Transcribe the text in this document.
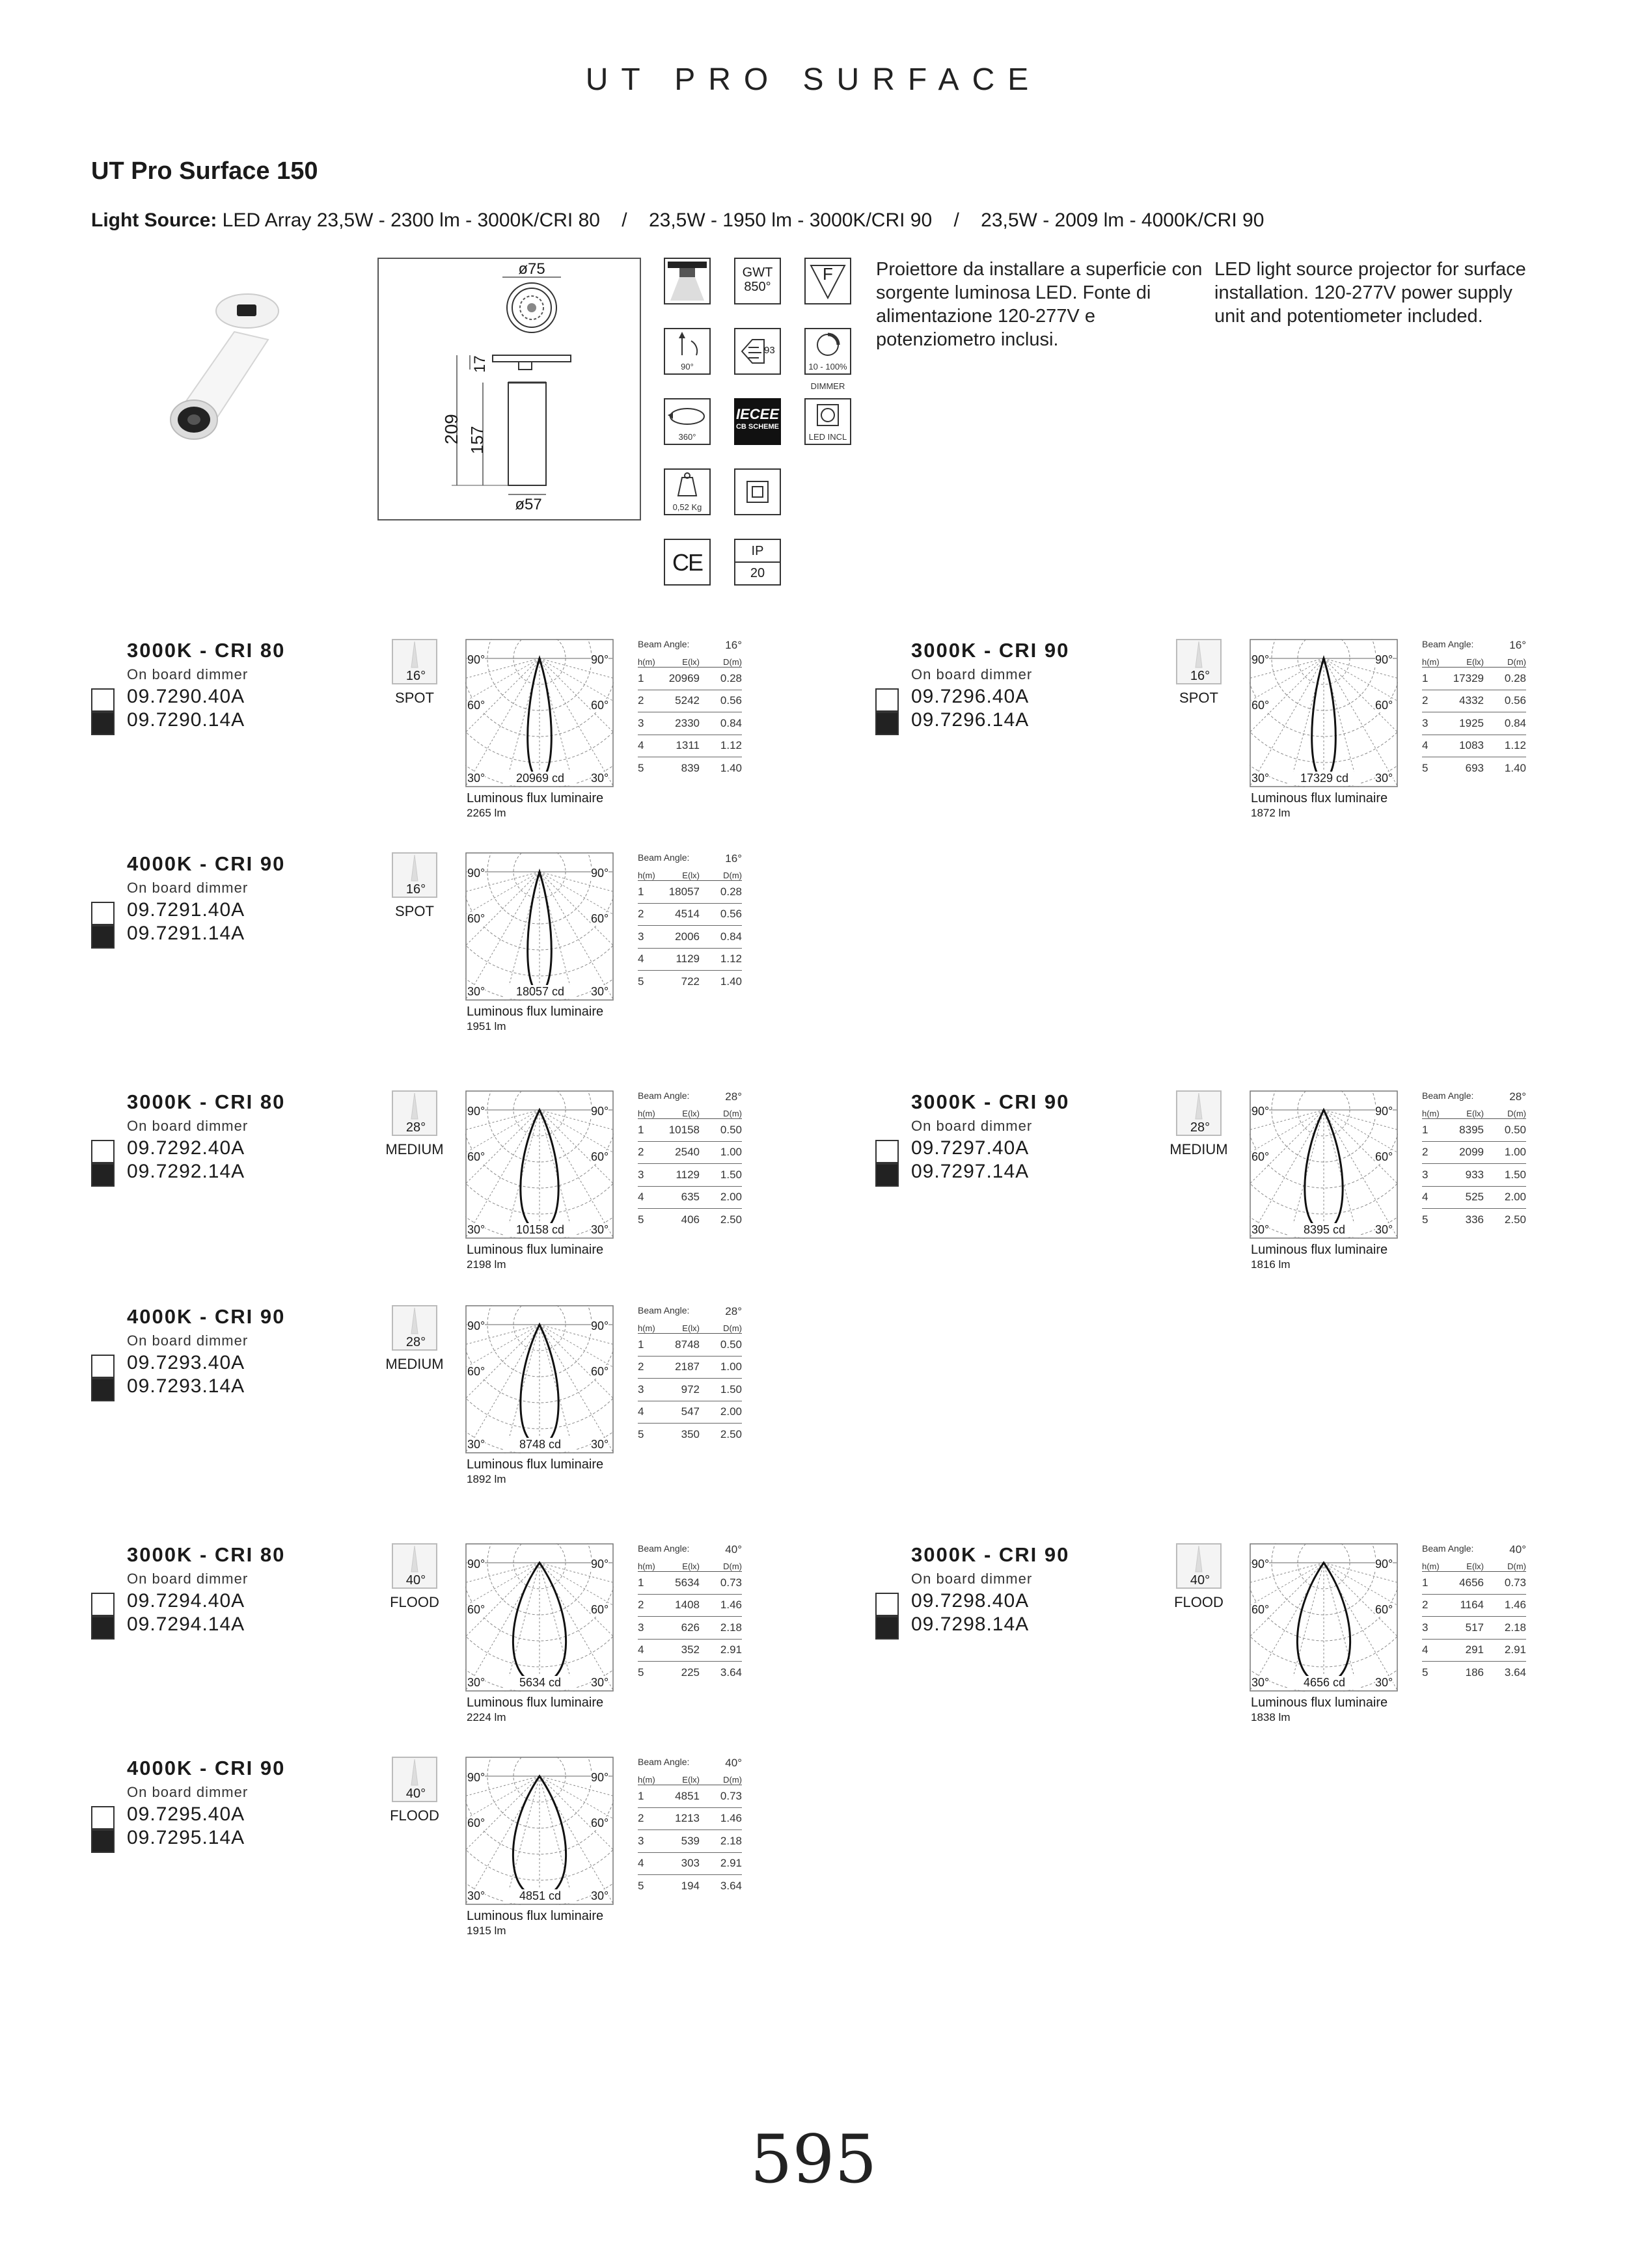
UT PRO SURFACE
UT Pro Surface 150
Light Source: LED Array 23,5W - 2300 lm - 3000K/CRI 80    /    23,5W - 1950 lm - 3000K/CRI 90    /    23,5W - 2009 lm - 4000K/CRI 90
ø75
17
209 157
ø57
GWT
850°
F
90°
93
10 - 100%
DIMMER
360°
IECEE
CB SCHEME
LED INCL
0,52 Kg
CE	IP
20
Proiettore da installare a superficie con sorgente luminosa LED. Fonte di alimentazione 120-277V e potenziometro inclusi.
LED light source projector for surface installation. 120-277V power supply unit and potentiometer included.
3000K - CRI 80
On board dimmer
09.7290.40A
09.7290.14A
16°
SPOT
90°	90°
60°	60°
30°	30°
20969 cd
Luminous flux luminaire
2265 lm
Beam Angle:	16°
h(m)	E(lx)	D(m)
1	20969	0.28
2	5242	0.56
3	2330	0.84
4	1311	1.12
5	839	1.40
3000K - CRI 90
On board dimmer
09.7296.40A
09.7296.14A
16°
SPOT
90°	90°
60°	60°
30°	30°
17329 cd
Luminous flux luminaire
1872 lm
Beam Angle:	16°
h(m)	E(lx)	D(m)
1	17329	0.28
2	4332	0.56
3	1925	0.84
4	1083	1.12
5	693	1.40
4000K - CRI 90
On board dimmer
09.7291.40A
09.7291.14A
16°
SPOT
90°	90°
60°	60°
30°	30°
18057 cd
Luminous flux luminaire
1951 lm
Beam Angle:	16°
h(m)	E(lx)	D(m)
1	18057	0.28
2	4514	0.56
3	2006	0.84
4	1129	1.12
5	722	1.40
3000K - CRI 80
On board dimmer
09.7292.40A
09.7292.14A
28°
MEDIUM
90°	90°
60°	60°
30°	30°
10158 cd
Luminous flux luminaire
2198 lm
Beam Angle:	28°
h(m)	E(lx)	D(m)
1	10158	0.50
2	2540	1.00
3	1129	1.50
4	635	2.00
5	406	2.50
3000K - CRI 90
On board dimmer
09.7297.40A
09.7297.14A
28°
MEDIUM
90°	90°
60°	60°
30°	30°
8395 cd
Luminous flux luminaire
1816 lm
Beam Angle:	28°
h(m)	E(lx)	D(m)
1	8395	0.50
2	2099	1.00
3	933	1.50
4	525	2.00
5	336	2.50
4000K - CRI 90
On board dimmer
09.7293.40A
09.7293.14A
28°
MEDIUM
90°	90°
60°	60°
30°	30°
8748 cd
Luminous flux luminaire
1892 lm
Beam Angle:	28°
h(m)	E(lx)	D(m)
1	8748	0.50
2	2187	1.00
3	972	1.50
4	547	2.00
5	350	2.50
3000K - CRI 80
On board dimmer
09.7294.40A
09.7294.14A
40°
FLOOD
90°	90°
60°	60°
30°	30°
5634 cd
Luminous flux luminaire
2224 lm
Beam Angle:	40°
h(m)	E(lx)	D(m)
1	5634	0.73
2	1408	1.46
3	626	2.18
4	352	2.91
5	225	3.64
3000K - CRI 90
On board dimmer
09.7298.40A
09.7298.14A
40°
FLOOD
90°	90°
60°	60°
30°	30°
4656 cd
Luminous flux luminaire
1838 lm
Beam Angle:	40°
h(m)	E(lx)	D(m)
1	4656	0.73
2	1164	1.46
3	517	2.18
4	291	2.91
5	186	3.64
4000K - CRI 90
On board dimmer
09.7295.40A
09.7295.14A
40°
FLOOD
90°	90°
60°	60°
30°	30°
4851 cd
Luminous flux luminaire
1915 lm
Beam Angle:	40°
h(m)	E(lx)	D(m)
1	4851	0.73
2	1213	1.46
3	539	2.18
4	303	2.91
5	194	3.64
595
